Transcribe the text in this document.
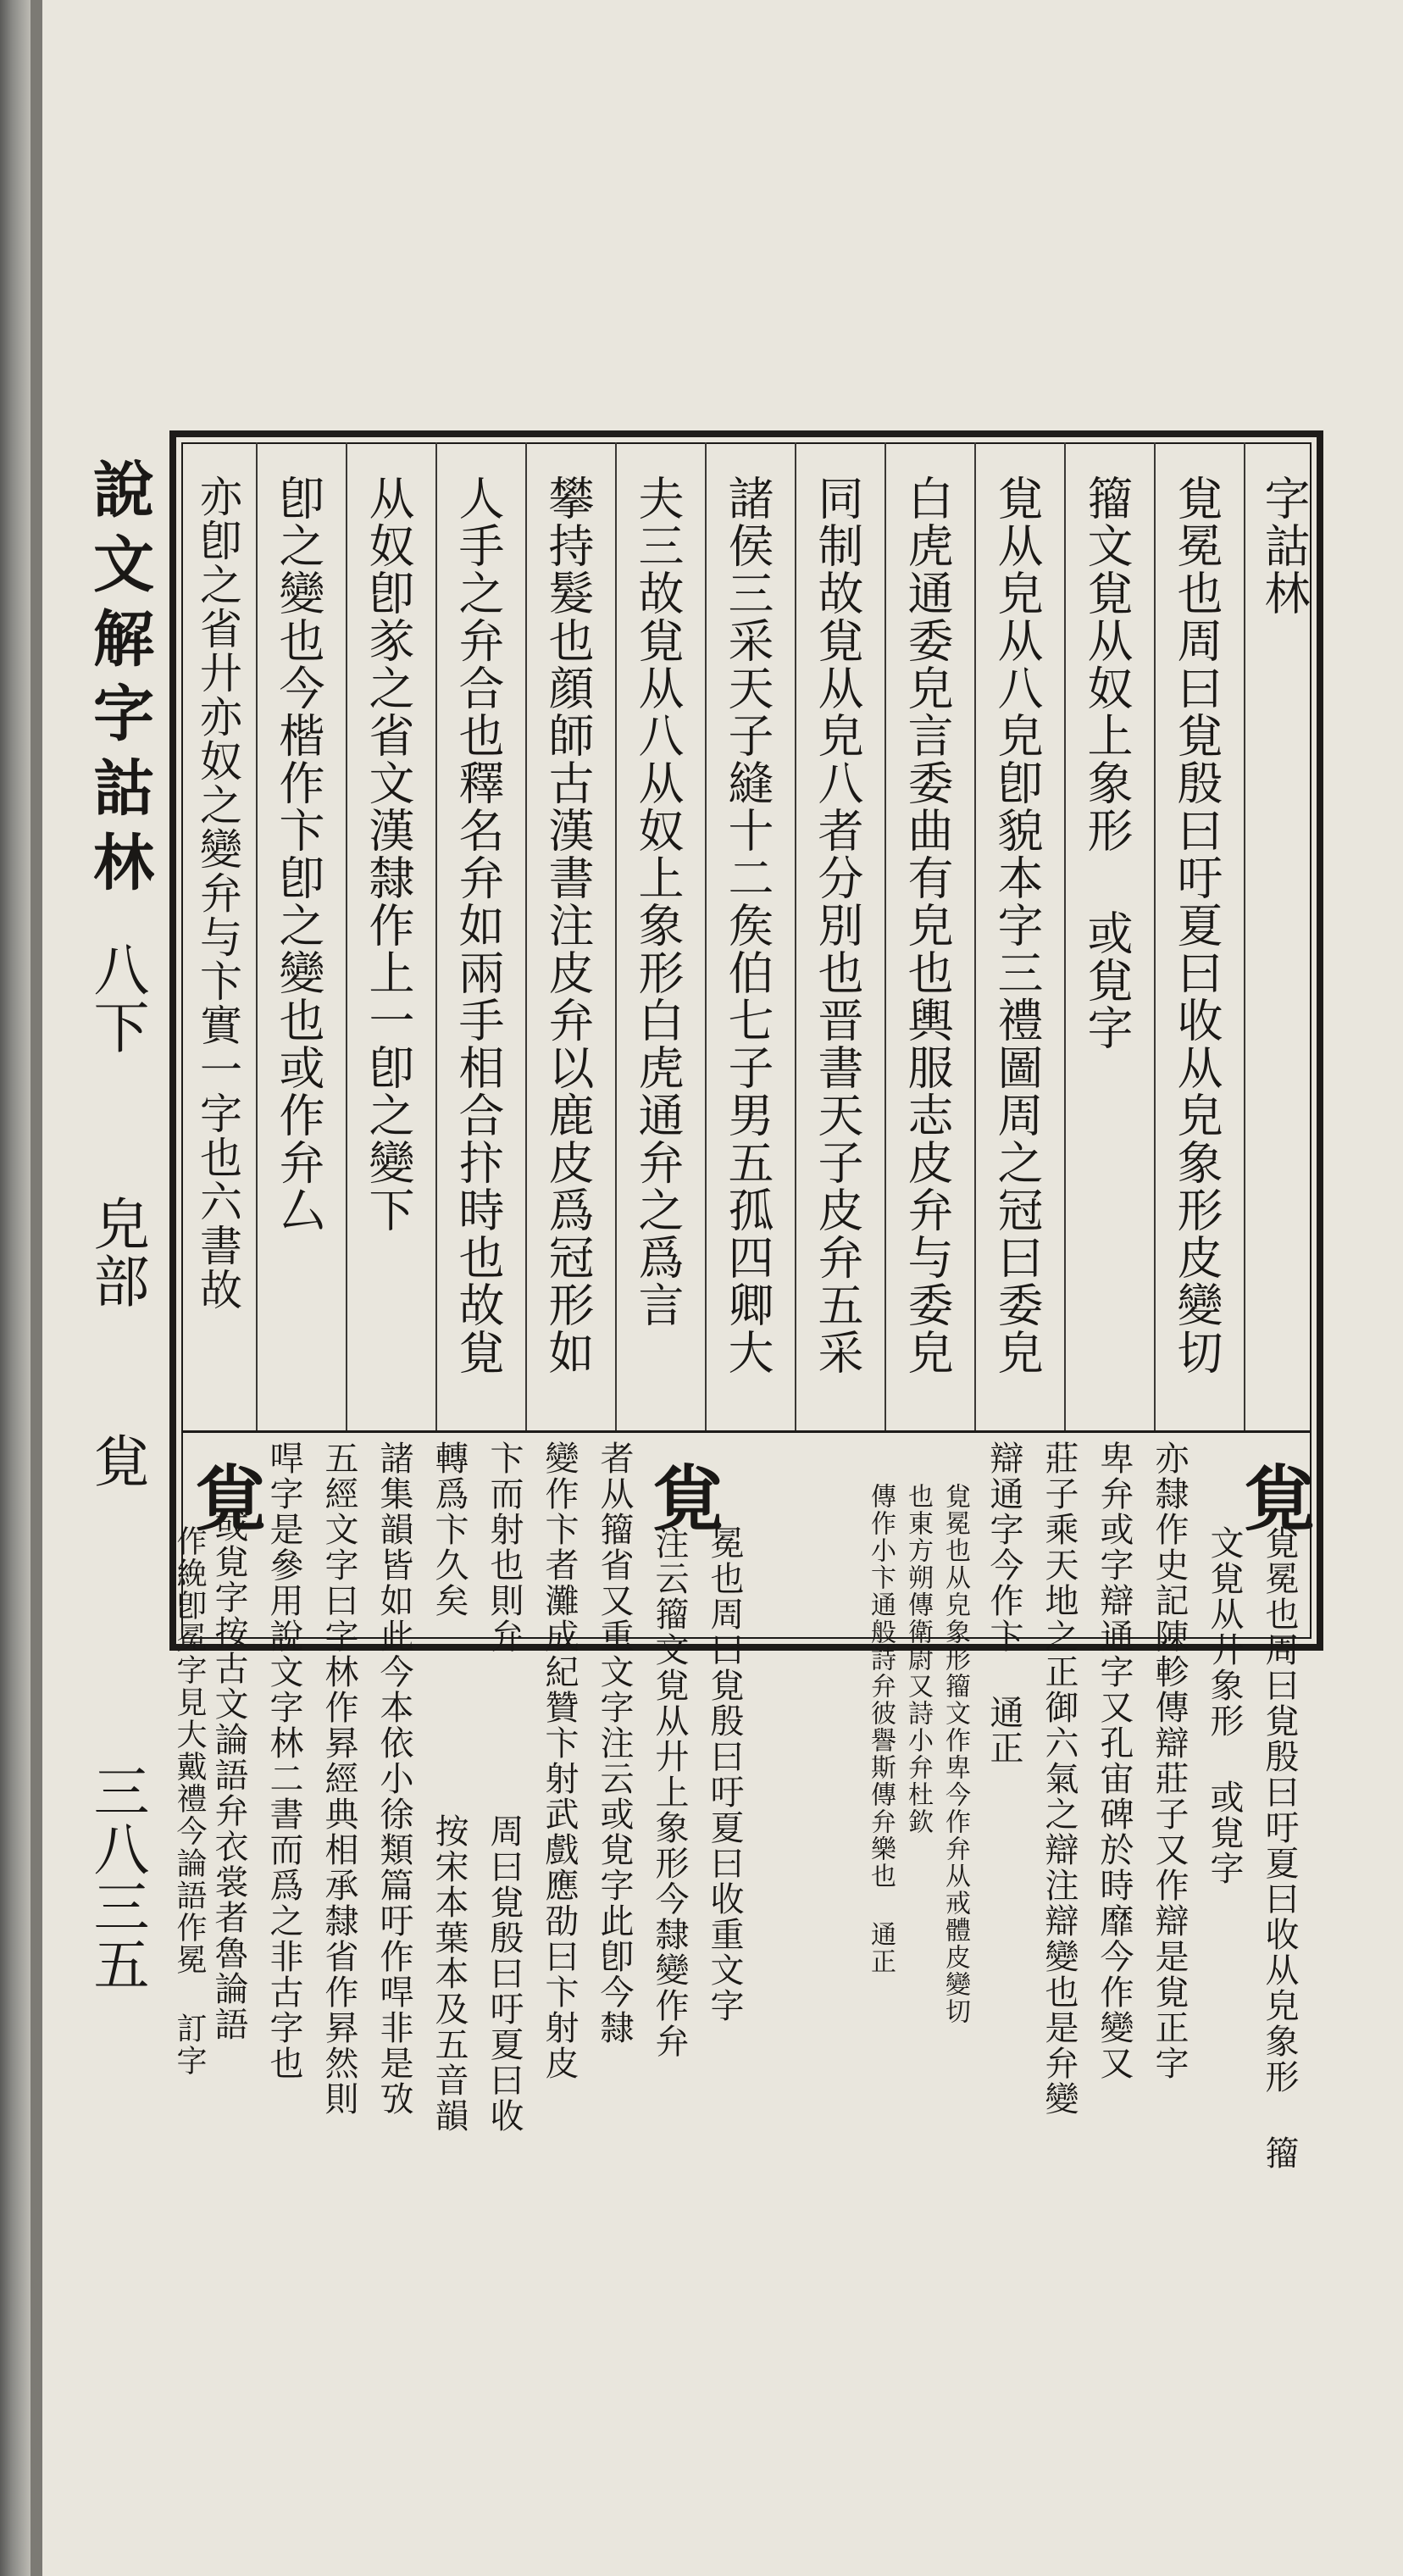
說文解字詁林
八下
皃部
覍
三八三五
字詁林
覍冕也周曰覍殷曰吁夏曰收从皃象形皮變切
籀文覍从奴上象形 或覍字
覍从皃从八皃卽貌本字三禮圖周之冠曰委皃
白虎通委皃言委曲有皃也輿服志皮弁与委皃
同制故覍从皃八者分別也晋書天子皮弁五采
諸侯三采天子縫十二矦伯七子男五孤四卿大
夫三故覍从八从奴上象形白虎通弁之爲言
攀持髮也顔師古漢書注皮弁以鹿皮爲冠形如
人手之弁合也釋名弁如兩手相合抃時也故覍
从奴卽㒸之省文漢隸作上一卽之變下
卽之變也今楷作卞卽之變也或作弁厶
亦卽之省廾亦奴之變弁与卞實一字也六書故
覍
覍
覍
覍冕也周曰覍殷曰吁夏曰收从皃象形 籀
文覍从廾象形 或覍字
亦隸作史記陳軫傳辯莊子又作辯是覍正字
卑弁或字辯通字又孔宙碑於時靡今作變又
莊子乘天地之正御六氣之辯注辯變也是弁變
辯通字今作卞 通正
覍冕也从皃象形籀文作卑今作弁从戒體皮變切
也東方朔傳衛尉又詩小弁杜欽
傳作小卞通般詩弁彼譽斯傳弁樂也 通正
冕也周曰覍殷曰吁夏曰收重文字
注云籀文覍从廾上象形今隸變作弁
者从籀省又重文字注云或覍字此卽今隸
變作卞者灘成紀贊卞射武戲應劭曰卞射皮
卞而射也則弁
轉爲卞久矣
周曰覍殷曰吁夏曰收
按宋本葉本及五音韻
諸集韻皆如此今本依小徐類篇吁作哻非是攷
五經文字曰字林作昪經典相承隸省作昪然則
哻字是參用說文字林二書而爲之非古字也
或覍字按古文論語弁衣裳者魯論語
作絻卽冕字見大戴禮今論語作冕 訂字
